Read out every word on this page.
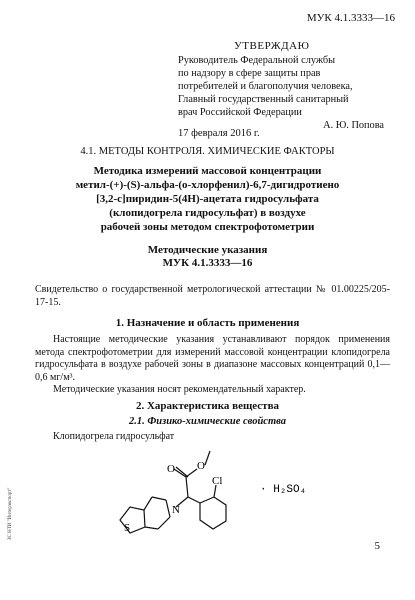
МУК 4.1.3333—16
УТВЕРЖДАЮ
Руководитель Федеральной службы
по надзору в сфере защиты прав
потребителей и благополучия человека,
Главный государственный санитарный
врач Российской Федерации
А. Ю. Попова
17 февраля 2016 г.
4.1. МЕТОДЫ КОНТРОЛЯ. ХИМИЧЕСКИЕ ФАКТОРЫ
Методика измерений массовой концентрации
метил-(+)-(S)-альфа-(о-хлорфенил)-6,7-дигидротиено
[3,2-c]пиридин-5(4Н)-ацетата гидросульфата
(клопидогрела гидросульфат) в воздухе
рабочей зоны методом спектрофотометрии
Методические указания
МУК 4.1.3333—16

Свидетельство о государственной метрологической аттестации № 01.00225/205-17-15.

1. Назначение и область применения

Настоящие методические указания устанавливают порядок применения метода спектрофотометрии для измерений массовой концентрации клопидогрела гидросульфата в воздухе рабочей зоны в диапазоне массовых концентраций 0,1—0,6 мг/м³.

Методические указания носят рекомендательный характер.

2. Характеристика вещества
2.1. Физико-химические свойства

Клопидогрела гидросульфат

N
S
O O
Cl
· H₂SO₄
5
ЗС НТИ "Интерэкспорт"
